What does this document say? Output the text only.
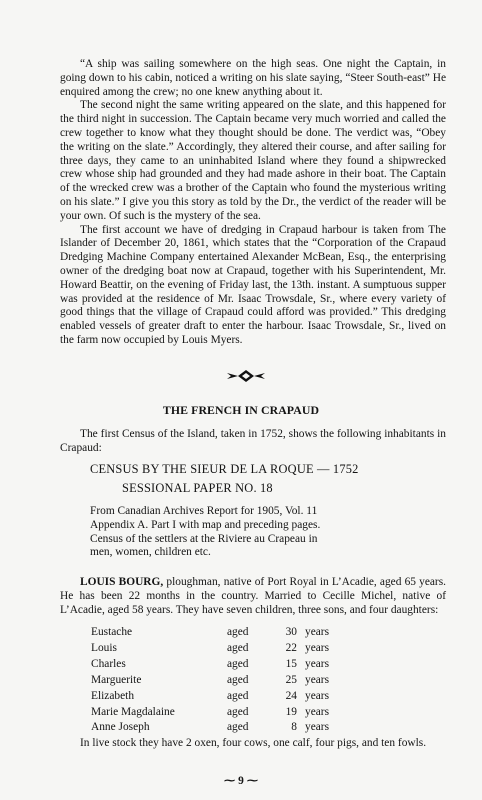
“A ship was sailing somewhere on the high seas. One night the Captain, in going down to his cabin, noticed a writing on his slate saying, “Steer South-east” He enquired among the crew; no one knew anything about it.

The second night the same writing appeared on the slate, and this happened for the third night in succession. The Captain became very much worried and called the crew together to know what they thought should be done. The verdict was, “Obey the writing on the slate.” Accordingly, they altered their course, and after sailing for three days, they came to an uninhabited Island where they found a shipwrecked crew whose ship had grounded and they had made ashore in their boat. The Captain of the wrecked crew was a brother of the Captain who found the mysterious writing on his slate.” I give you this story as told by the Dr., the verdict of the reader will be your own. Of such is the mystery of the sea.

The first account we have of dredging in Crapaud harbour is taken from The Islander of December 20, 1861, which states that the “Corporation of the Crapaud Dredging Machine Company entertained Alexander McBean, Esq., the enterprising owner of the dredging boat now at Crapaud, together with his Superintendent, Mr. Howard Beattir, on the evening of Friday last, the 13th. instant. A sumptuous supper was provided at the residence of Mr. Isaac Trowsdale, Sr., where every variety of good things that the village of Crapaud could afford was provided.” This dredging enabled vessels of greater draft to enter the harbour. Isaac Trowsdale, Sr., lived on the farm now occupied by Louis Myers.

THE FRENCH IN CRAPAUD

The first Census of the Island, taken in 1752, shows the following inhabitants in Crapaud:

CENSUS BY THE SIEUR DE LA ROQUE — 1752
SESSIONAL PAPER NO. 18
From Canadian Archives Report for 1905, Vol. 11
Appendix A. Part I with map and preceding pages.
Census of the settlers at the Riviere au Crapeau in
men, women, children etc.

LOUIS BOURG, ploughman, native of Port Royal in L’Acadie, aged 65 years. He has been 22 months in the country. Married to Cecille Michel, native of L’Acadie, aged 58 years. They have seven children, three sons, and four daughters:

Eustache	aged	30	years
Louis	aged	22	years
Charles	aged	15	years
Marguerite	aged	25	years
Elizabeth	aged	24	years
Marie Magdalaine	aged	19	years
Anne Joseph	aged	8	years

In live stock they have 2 oxen, four cows, one calf, four pigs, and ten fowls.

⁓ 9 ⁓
